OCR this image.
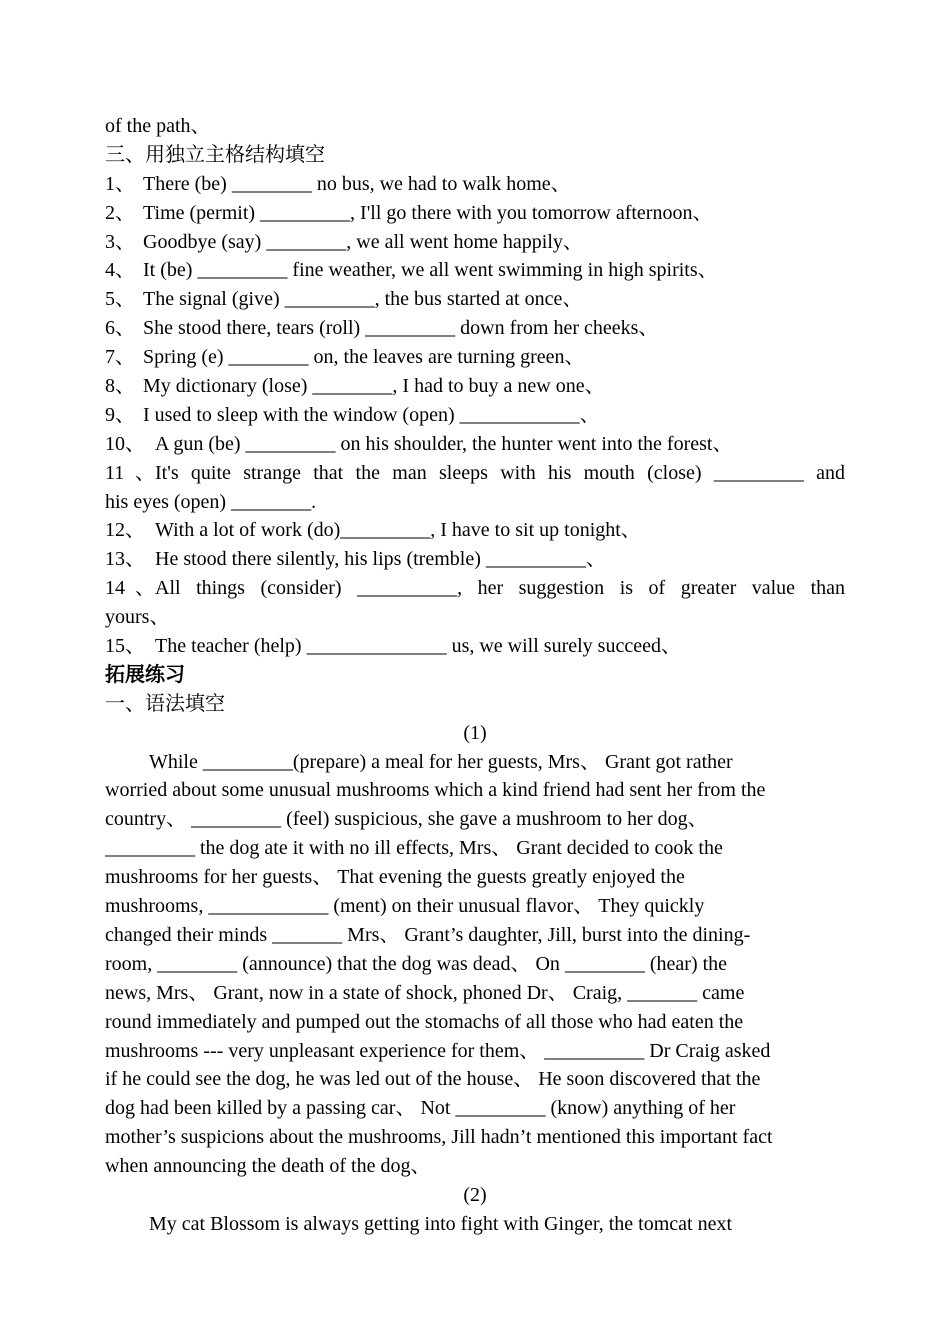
of the path、
三、用独立主格结构填空
1、 There (be) ________ no bus, we had to walk home、
2、 Time (permit) _________, I'll go there with you tomorrow afternoon、
3、 Goodbye (say) ________, we all went home happily、
4、 It (be) _________ fine weather, we all went swimming in high spirits、
5、 The signal (give) _________, the bus started at once、
6、 She stood there, tears (roll) _________ down from her cheeks、
7、 Spring (e) ________ on, the leaves are turning green、
8、 My dictionary (lose) ________, I had to buy a new one、
9、 I used to sleep with the window (open) ____________、
10、 A gun (be) _________ on his shoulder, the hunter went into the forest、
11、It's quite strange that the man sleeps with his mouth (close) _________ and
his eyes (open) ________.
12、 With a lot of work (do)_________, I have to sit up tonight、
13、 He stood there silently, his lips (tremble) __________、
14、All things (consider) __________, her suggestion is of greater value than
yours、
15、 The teacher (help) ______________ us, we will surely succeed、
拓展练习
一、语法填空
(1)
While _________(prepare) a meal for her guests, Mrs、 Grant got rather
worried about some unusual mushrooms which a kind friend had sent her from the
country、 _________ (feel) suspicious, she gave a mushroom to her dog、
_________ the dog ate it with no ill effects, Mrs、 Grant decided to cook the
mushrooms for her guests、 That evening the guests greatly enjoyed the
mushrooms, ____________ (ment) on their unusual flavor、 They quickly
changed their minds _______ Mrs、 Grant’s daughter, Jill, burst into the dining-
room, ________ (announce) that the dog was dead、 On ________ (hear) the
news, Mrs、 Grant, now in a state of shock, phoned Dr、 Craig, _______ came
round immediately and pumped out the stomachs of all those who had eaten the
mushrooms --- very unpleasant experience for them、 __________ Dr Craig asked
if he could see the dog, he was led out of the house、 He soon discovered that the
dog had been killed by a passing car、 Not _________ (know) anything of her
mother’s suspicions about the mushrooms, Jill hadn’t mentioned this important fact
when announcing the death of the dog、
(2)
My cat Blossom is always getting into fight with Ginger, the tomcat next
